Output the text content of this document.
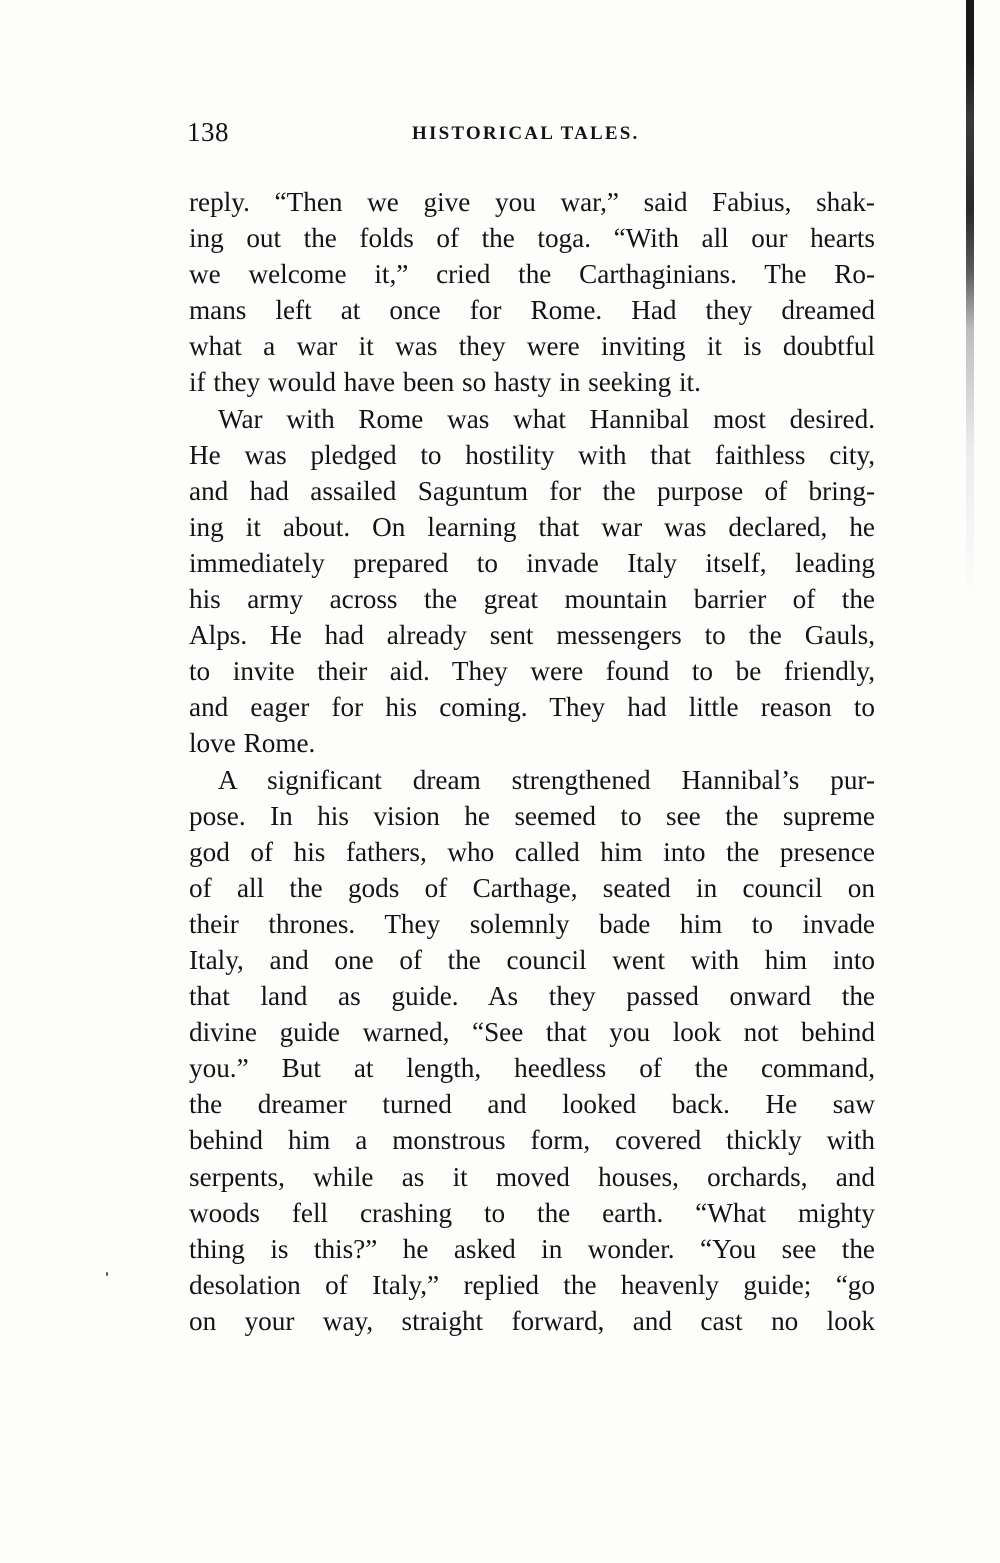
138	HISTORICAL TALES.
reply. “Then we give you war,” said Fabius, shak-
ing out the folds of the toga. “With all our hearts
we welcome it,” cried the Carthaginians. The Ro-
mans left at once for Rome. Had they dreamed
what a war it was they were inviting it is doubtful
if they would have been so hasty in seeking it.
War with Rome was what Hannibal most desired.
He was pledged to hostility with that faithless city,
and had assailed Saguntum for the purpose of bring-
ing it about. On learning that war was declared, he
immediately prepared to invade Italy itself, leading
his army across the great mountain barrier of the
Alps. He had already sent messengers to the Gauls,
to invite their aid. They were found to be friendly,
and eager for his coming. They had little reason to
love Rome.
A significant dream strengthened Hannibal’s pur-
pose. In his vision he seemed to see the supreme
god of his fathers, who called him into the presence
of all the gods of Carthage, seated in council on
their thrones. They solemnly bade him to invade
Italy, and one of the council went with him into
that land as guide. As they passed onward the
divine guide warned, “See that you look not behind
you.” But at length, heedless of the command,
the dreamer turned and looked back. He saw
behind him a monstrous form, covered thickly with
serpents, while as it moved houses, orchards, and
woods fell crashing to the earth. “What mighty
thing is this?” he asked in wonder. “You see the
desolation of Italy,” replied the heavenly guide; “go
on your way, straight forward, and cast no look
